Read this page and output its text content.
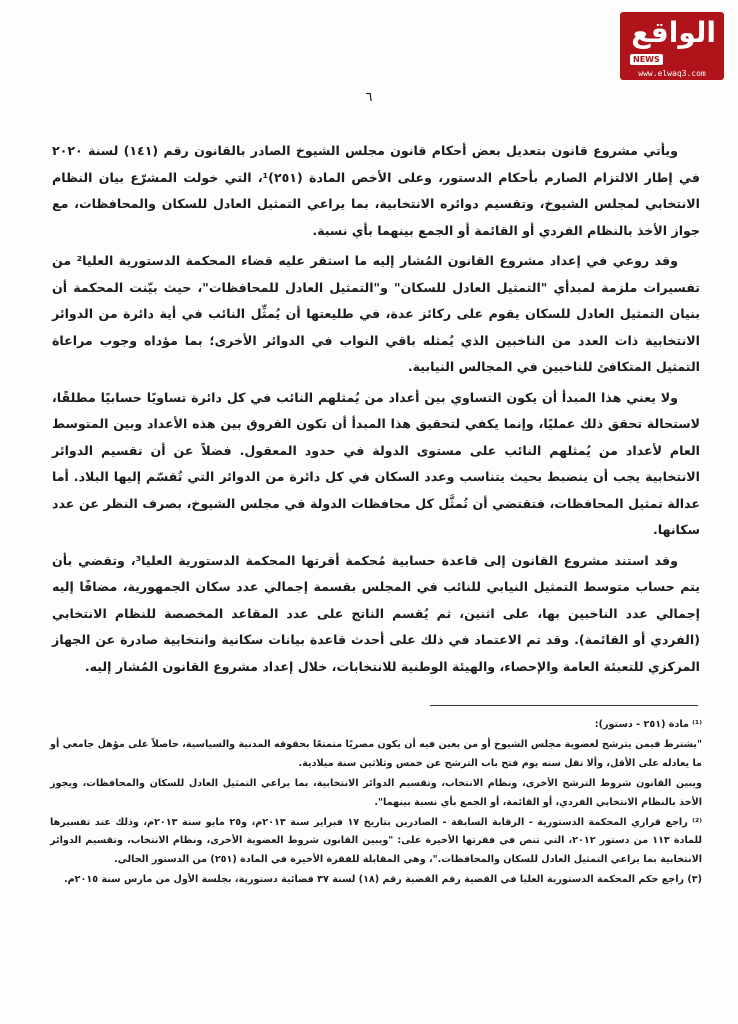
الواقع
NEWS
www.elwaq3.com
٦

ويأتي مشروع قانون بتعديل بعض أحكام قانون مجلس الشيوخ الصادر بالقانون رقم (١٤١) لسنة ٢٠٢٠ في إطار الالتزام الصارم بأحكام الدستور، وعلى الأخص المادة (٢٥١)¹، التي خولت المشرّع بيان النظام الانتخابي لمجلس الشيوخ، وتقسيم دوائره الانتخابية، بما يراعي التمثيل العادل للسكان والمحافظات، مع جواز الأخذ بالنظام الفردي أو القائمة أو الجمع بينهما بأي نسبة.

وقد روعي في إعداد مشروع القانون المُشار إليه ما استقر عليه قضاء المحكمة الدستورية العليا² من تفسيرات ملزمة لمبدأي "التمثيل العادل للسكان" و"التمثيل العادل للمحافظات"، حيث بيّنت المحكمة أن بنيان التمثيل العادل للسكان يقوم على ركائز عدة، في طليعتها أن يُمثِّل النائب في أية دائرة من الدوائر الانتخابية ذات العدد من الناخبين الذي يُمثله باقي النواب في الدوائر الأخرى؛ بما مؤداه وجوب مراعاة التمثيل المتكافئ للناخبين في المجالس النيابية.

ولا يعني هذا المبدأ أن يكون التساوي بين أعداد من يُمثلهم النائب في كل دائرة تساويًا حسابيًا مطلقًا، لاستحالة تحقق ذلك عمليًا، وإنما يكفي لتحقيق هذا المبدأ أن تكون الفروق بين هذه الأعداد وبين المتوسط العام لأعداد من يُمثلهم النائب على مستوى الدولة في حدود المعقول. فضلاً عن أن تقسيم الدوائر الانتخابية يجب أن ينضبط بحيث يتناسب وعدد السكان في كل دائرة من الدوائر التي تُقسّم إليها البلاد. أما عدالة تمثيل المحافظات، فتقتضي أن تُمثَّل كل محافظات الدولة في مجلس الشيوخ، بصرف النظر عن عدد سكانها.

وقد استند مشروع القانون إلى قاعدة حسابية مُحكمة أقرتها المحكمة الدستورية العليا³، وتقضي بأن يتم حساب متوسط التمثيل النيابي للنائب في المجلس بقسمة إجمالي عدد سكان الجمهورية، مضافًا إليه إجمالي عدد الناخبين بها، على اثنين، ثم يُقسم الناتج على عدد المقاعد المخصصة للنظام الانتخابي (الفردي أو القائمة). وقد تم الاعتماد في ذلك على أحدث قاعدة بيانات سكانية وانتخابية صادرة عن الجهاز المركزي للتعبئة العامة والإحصاء، والهيئة الوطنية للانتخابات، خلال إعداد مشروع القانون المُشار إليه.

⁽¹⁾ مادة (٢٥١ - دستور):

"يشترط فيمن يترشح لعضوية مجلس الشيوخ أو من يعين فيه أن يكون مصريًا متمتعًا بحقوقه المدنية والسياسية، حاصلاً على مؤهل جامعي أو ما يعادله على الأقل، وألا تقل سنه يوم فتح باب الترشح عن خمس وثلاثين سنة ميلادية.

ويبين القانون شروط الترشح الأخرى، ونظام الانتخاب، وتقسيم الدوائر الانتخابية، بما يراعي التمثيل العادل للسكان والمحافظات، ويجوز الأخذ بالنظام الانتخابي الفردي، أو القائمة، أو الجمع بأي نسبة بينهما".

⁽²⁾ راجع قراري المحكمة الدستورية - الرقابة السابقة - الصادرين بتاريخ ١٧ فبراير سنة ٢٠١٣م، و٢٥ مايو سنة ٢٠١٣م، وذلك عند تفسيرها للمادة ١١٣ من دستور ٢٠١٢، التي تنص في فقرتها الأخيرة على: "ويبين القانون شروط العضوية الأخرى، ونظام الانتخاب، وتقسيم الدوائر الانتخابية بما يراعي التمثيل العادل للسكان والمحافظات."، وهي المقابلة للفقرة الأخيرة في المادة (٢٥١) من الدستور الحالي.

(٣) راجع حكم المحكمة الدستورية العليا في القضية رقم القضية رقم (١٨) لسنة ٣٧ قضائية دستورية، بجلسة الأول من مارس سنة ٢٠١٥م.
